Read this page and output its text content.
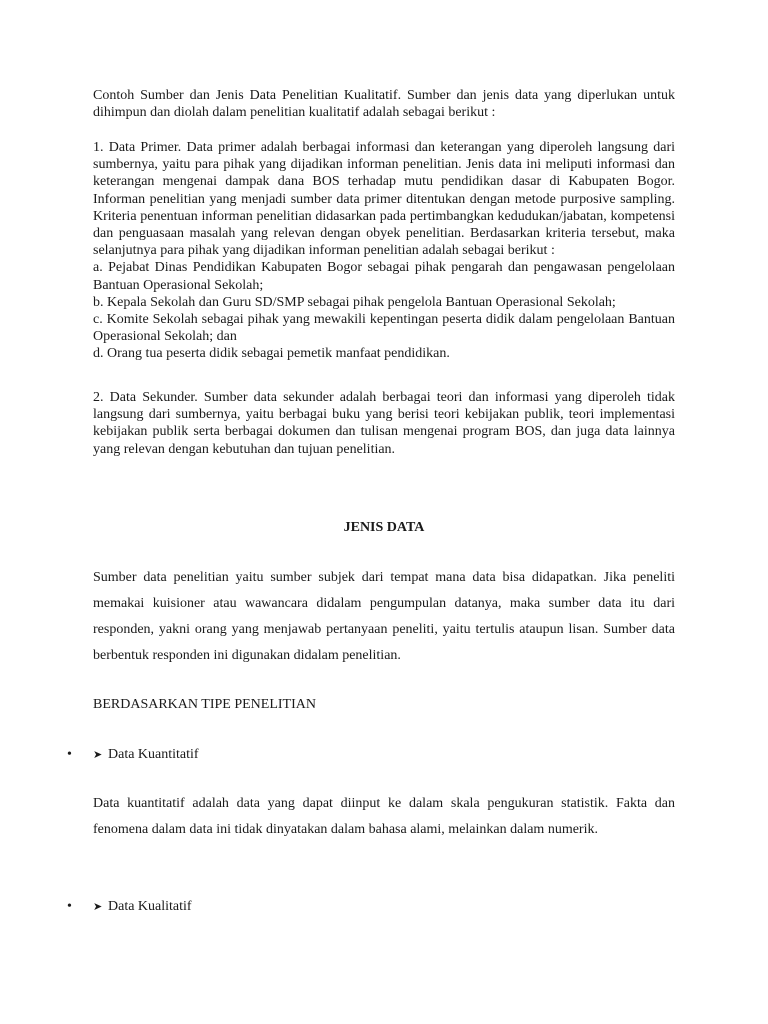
Contoh Sumber dan Jenis Data Penelitian Kualitatif. Sumber dan jenis data yang diperlukan untuk dihimpun dan diolah dalam penelitian kualitatif adalah sebagai berikut :

1. Data Primer. Data primer adalah berbagai informasi dan keterangan yang diperoleh langsung dari sumbernya, yaitu para pihak yang dijadikan informan penelitian. Jenis data ini meliputi informasi dan keterangan mengenai dampak dana BOS terhadap mutu pendidikan dasar di Kabupaten Bogor. Informan penelitian yang menjadi sumber data primer ditentukan dengan metode purposive sampling. Kriteria penentuan informan penelitian didasarkan pada pertimbangkan kedudukan/jabatan, kompetensi dan penguasaan masalah yang relevan dengan obyek penelitian. Berdasarkan kriteria tersebut, maka selanjutnya para pihak yang dijadikan informan penelitian adalah sebagai berikut :
a. Pejabat Dinas Pendidikan Kabupaten Bogor sebagai pihak pengarah dan pengawasan pengelolaan Bantuan Operasional Sekolah;
b. Kepala Sekolah dan Guru SD/SMP sebagai pihak pengelola Bantuan Operasional Sekolah;
c. Komite Sekolah sebagai pihak yang mewakili kepentingan peserta didik dalam pengelolaan Bantuan Operasional Sekolah; dan
d. Orang tua peserta didik sebagai pemetik manfaat pendidikan.

2. Data Sekunder. Sumber data sekunder adalah berbagai teori dan informasi yang diperoleh tidak langsung dari sumbernya, yaitu berbagai buku yang berisi teori kebijakan publik, teori implementasi kebijakan publik serta berbagai dokumen dan tulisan mengenai program BOS, dan juga data lainnya yang relevan dengan kebutuhan dan tujuan penelitian.

JENIS DATA

Sumber data penelitian yaitu sumber subjek dari tempat mana data bisa didapatkan. Jika peneliti memakai kuisioner atau wawancara didalam pengumpulan datanya, maka sumber data itu dari responden, yakni orang yang menjawab pertanyaan peneliti, yaitu tertulis ataupun lisan. Sumber data berbentuk responden ini digunakan didalam penelitian.

BERDASARKAN TIPE PENELITIAN

• ➤ Data Kuantitatif

Data kuantitatif adalah data yang dapat diinput ke dalam skala pengukuran statistik. Fakta dan fenomena dalam data ini tidak dinyatakan dalam bahasa alami, melainkan dalam numerik.

• ➤ Data Kualitatif
